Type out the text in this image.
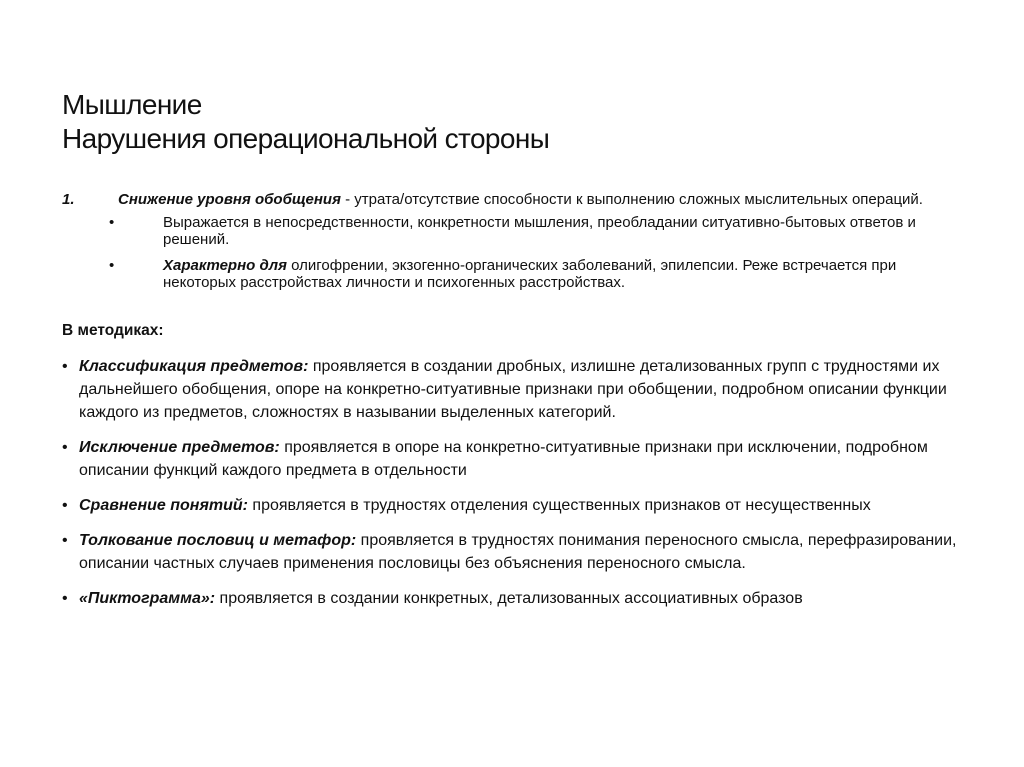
Мышление
Нарушения операциональной стороны
1.	Снижение уровня обобщения - утрата/отсутствие способности к выполнению сложных мыслительных операций.
•	Выражается в непосредственности, конкретности мышления, преобладании ситуативно-бытовых ответов и решений.
•	Характерно для олигофрении, экзогенно-органических заболеваний, эпилепсии. Реже встречается при некоторых расстройствах личности и психогенных расстройствах.
В методиках:
• Классификация предметов: проявляется в создании дробных, излишне детализованных групп с трудностями их дальнейшего обобщения, опоре на конкретно-ситуативные признаки при обобщении, подробном описании функции каждого из предметов, сложностях в назывании выделенных категорий.
• Исключение предметов: проявляется в опоре на конкретно-ситуативные признаки при исключении, подробном описании функций каждого предмета в отдельности
• Сравнение понятий: проявляется в трудностях отделения существенных признаков от несущественных
• Толкование пословиц и метафор: проявляется в трудностях понимания переносного смысла, перефразировании, описании частных случаев применения пословицы без объяснения переносного смысла.
• «Пиктограмма»: проявляется в создании конкретных, детализованных ассоциативных образов
